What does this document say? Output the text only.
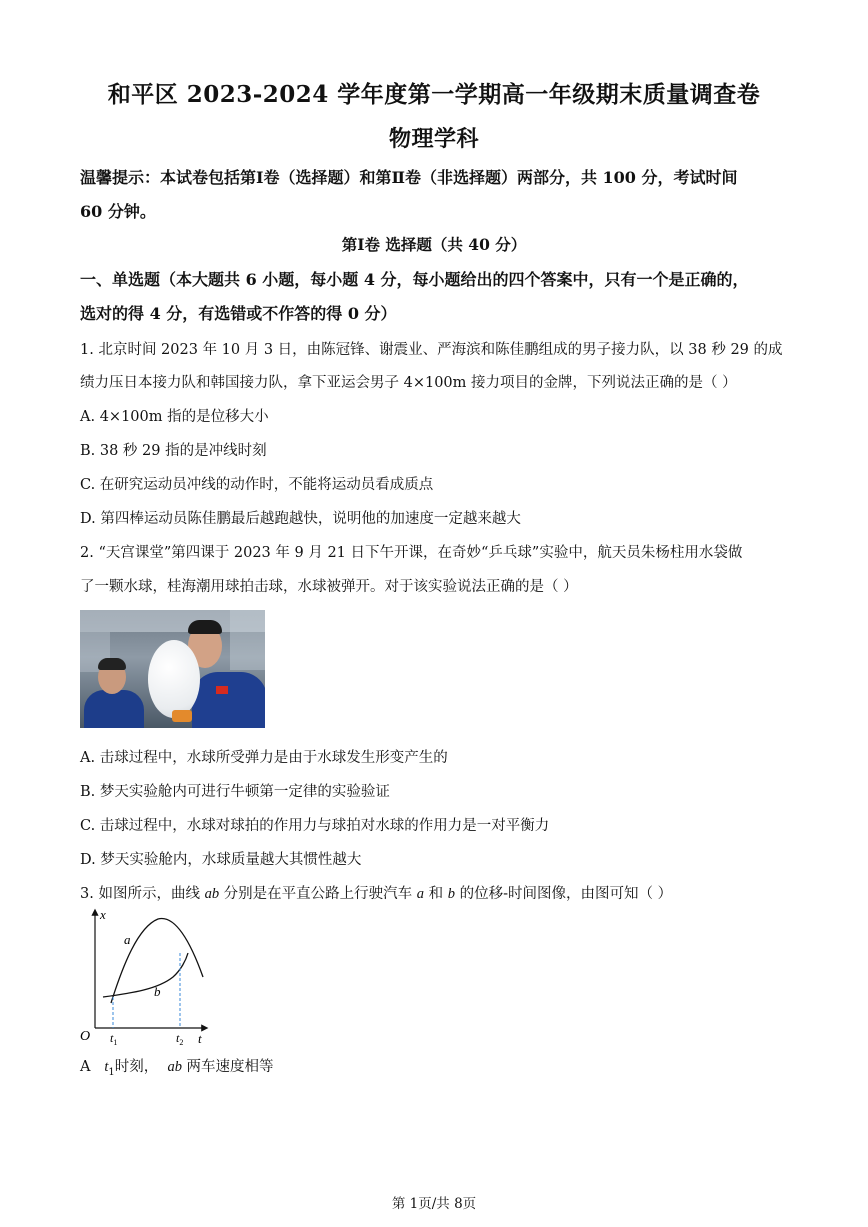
和平区 2023-2024 学年度第一学期高一年级期末质量调查卷
物理学科
温馨提示：本试卷包括第Ⅰ卷（选择题）和第Ⅱ卷（非选择题）两部分，共 100 分，考试时间
60 分钟。
第Ⅰ卷 选择题（共 40 分）
一、单选题（本大题共 6 小题，每小题 4 分，每小题给出的四个答案中，只有一个是正确的，
选对的得 4 分，有选错或不作答的得 0 分）
1. 北京时间 2023 年 10 月 3 日，由陈冠锋、谢震业、严海滨和陈佳鹏组成的男子接力队，以 38 秒 29 的成
绩力压日本接力队和韩国接力队，拿下亚运会男子 4×100m 接力项目的金牌，下列说法正确的是（ ）
A. 4×100m 指的是位移大小
B. 38 秒 29 指的是冲线时刻
C. 在研究运动员冲线的动作时，不能将运动员看成质点
D. 第四棒运动员陈佳鹏最后越跑越快，说明他的加速度一定越来越大
2. “天宫课堂”第四课于 2023 年 9 月 21 日下午开课，在奇妙“乒乓球”实验中，航天员朱杨柱用水袋做
了一颗水球，桂海潮用球拍击球，水球被弹开。对于该实验说法正确的是（ ）
A. 击球过程中，水球所受弹力是由于水球发生形变产生的
B. 梦天实验舱内可进行牛顿第一定律的实验验证
C. 击球过程中，水球对球拍的作用力与球拍对水球的作用力是一对平衡力
D. 梦天实验舱内，水球质量越大其惯性越大
3. 如图所示，曲线 ab 分别是在平直公路上行驶汽车 a 和 b 的位移-时间图像，由图可知（ ）
x
t
O
a
b
$t_1$	$t_2$
A $t_1$时刻， ab 两车速度相等
第 1页/共 8页
